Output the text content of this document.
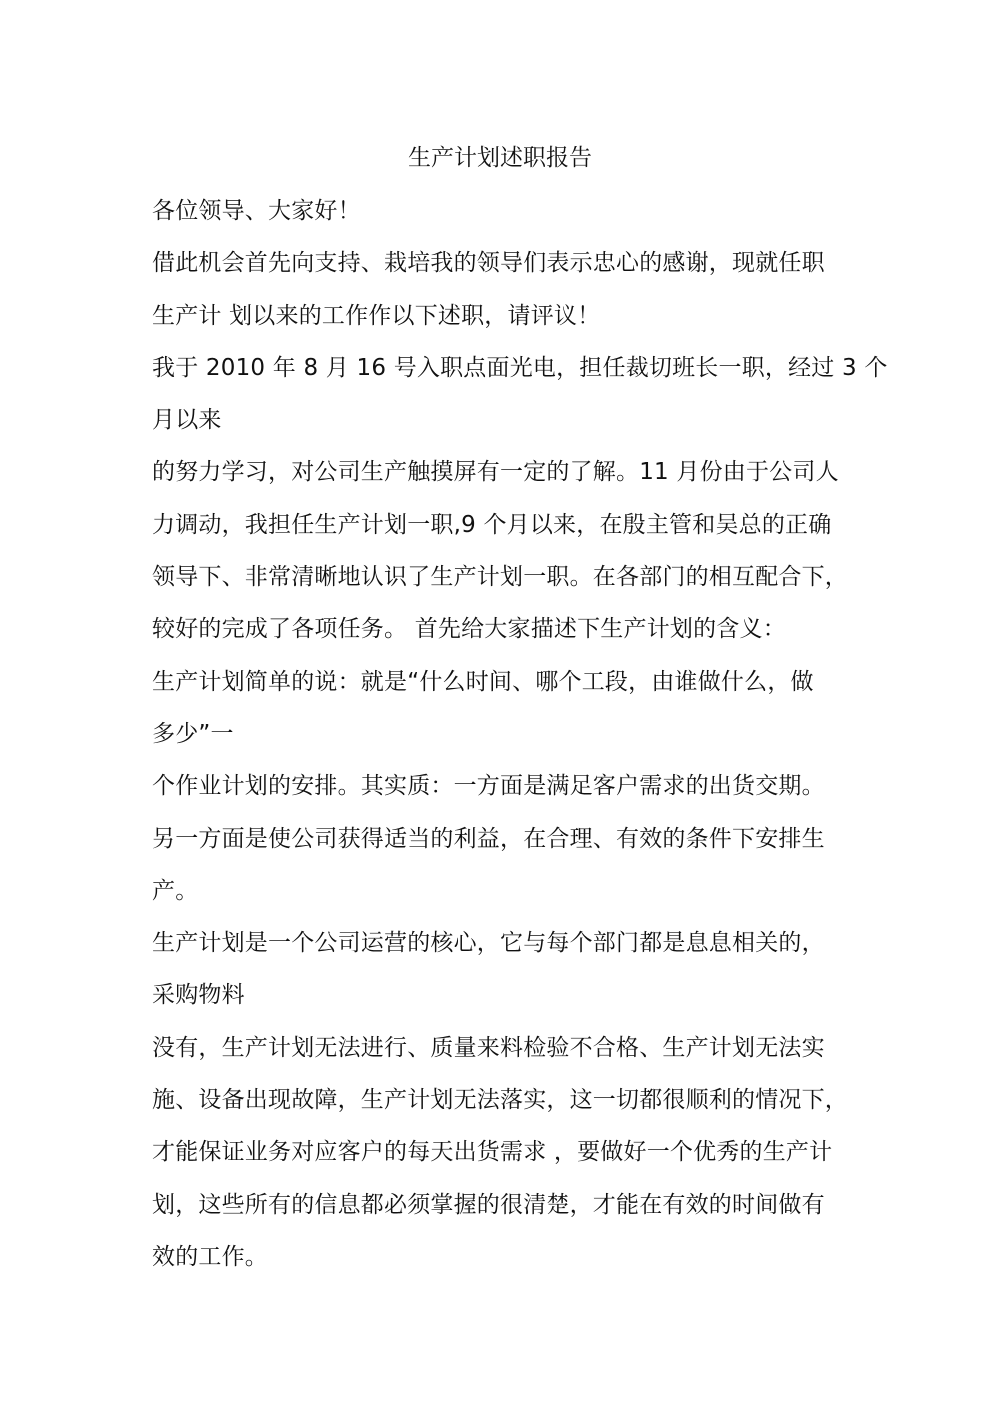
生产计划述职报告
各位领导、大家好！
借此机会首先向支持、栽培我的领导们表示忠心的感谢，现就任职
生产计 划以来的工作作以下述职，请评议！
我于 2010 年 8 月 16 号入职点面光电，担任裁切班长一职，经过 3 个
月以来
的努力学习，对公司生产触摸屏有一定的了解。11 月份由于公司人
力调动，我担任生产计划一职,9 个月以来，在殷主管和吴总的正确
领导下、非常清晰地认识了生产计划一职。在各部门的相互配合下，
较好的完成了各项任务。 首先给大家描述下生产计划的含义：
生产计划简单的说：就是“什么时间、哪个工段，由谁做什么，做
多少”一
个作业计划的安排。其实质：一方面是满足客户需求的出货交期。
另一方面是使公司获得适当的利益，在合理、有效的条件下安排生
产。
生产计划是一个公司运营的核心，它与每个部门都是息息相关的，
采购物料
没有，生产计划无法进行、质量来料检验不合格、生产计划无法实
施、设备出现故障，生产计划无法落实，这一切都很顺利的情况下，
才能保证业务对应客户的每天出货需求 ，要做好一个优秀的生产计
划，这些所有的信息都必须掌握的很清楚，才能在有效的时间做有
效的工作。
